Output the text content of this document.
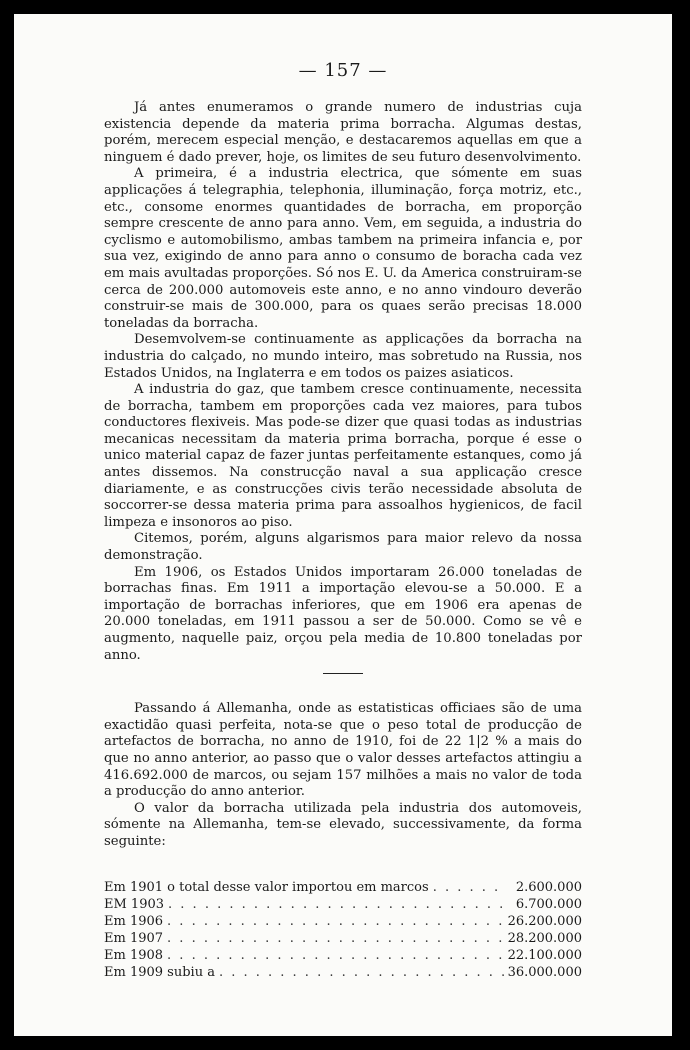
— 157 —

Já antes enumeramos o grande numero de industrias cuja existencia depende da materia prima borracha. Algumas destas, porém, merecem especial menção, e destacaremos aquellas em que a ninguem é dado prever, hoje, os limites de seu futuro desenvolvimento.

A primeira, é a industria electrica, que sómente em suas applicações á telegraphia, telephonia, illuminação, força motriz, etc., etc., consome enormes quantidades de borracha, em proporção sempre crescente de anno para anno. Vem, em seguida, a industria do cyclismo e automobilismo, ambas tambem na primeira infancia e, por sua vez, exigindo de anno para anno o consumo de boracha cada vez em mais avultadas proporções. Só nos E. U. da America construiram-se cerca de 200.000 automoveis este anno, e no anno vindouro deverão construir-se mais de 300.000, para os quaes serão precisas 18.000 toneladas da borracha.

Desemvolvem-se continuamente as applicações da borracha na industria do calçado, no mundo inteiro, mas sobretudo na Russia, nos Estados Unidos, na Inglaterra e em todos os paizes asiaticos.

A industria do gaz, que tambem cresce continuamente, necessita de borracha, tambem em proporções cada vez maiores, para tubos conductores flexiveis. Mas pode-se dizer que quasi todas as industrias mecanicas necessitam da materia prima borracha, porque é esse o unico material capaz de fazer juntas perfeitamente estanques, como já antes dissemos. Na construcção naval a sua applicação cresce diariamente, e as construcções civis terão necessidade absoluta de soccorrer-se dessa materia prima para assoalhos hygienicos, de facil limpeza e insonoros ao piso.

Citemos, porém, alguns algarismos para maior relevo da nossa demonstração.

Em 1906, os Estados Unidos importaram 26.000 toneladas de borrachas finas. Em 1911 a importação elevou-se a 50.000. E a importação de borrachas inferiores, que em 1906 era apenas de 20.000 toneladas, em 1911 passou a ser de 50.000. Como se vê e augmento, naquelle paiz, orçou pela media de 10.800 toneladas por anno.

Passando á Allemanha, onde as estatisticas officiaes são de uma exactidão quasi perfeita, nota-se que o peso total de producção de artefactos de borracha, no anno de 1910, foi de 22 1|2 % a mais do que no anno anterior, ao passo que o valor desses artefactos attingiu a 416.692.000 de marcos, ou sejam 157 milhões a mais no valor de toda a producção do anno anterior.

O valor da borracha utilizada pela industria dos automoveis, sómente na Allemanha, tem-se elevado, successivamente, da forma seguinte:

Em 1901 o total desse valor importou em marcos . . .	2.600.000
EM 1903 . . .	6.700.000
Em 1906 . . .	26.200.000
Em 1907 . . .	28.200.000
Em 1908 . . .	22.100.000
Em 1909 subiu a . . .	36.000.000
